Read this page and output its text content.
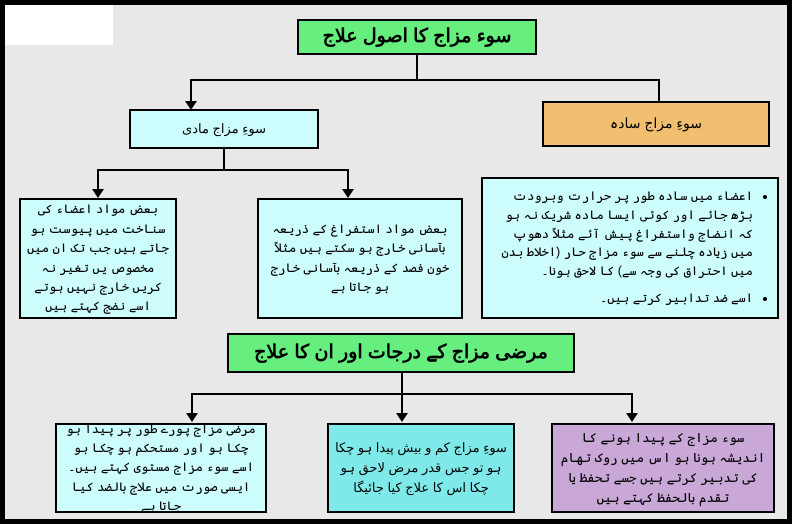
سوء مزاج کا اصول علاج
سوءِ مزاج مادی	سوءِ مزاج سادہ
بعض مواد اعضاء کی سناخت میں پیوست ہو جاتے ہیں جب تک ان میں مخصوص یں تغیر نہ کریں خارج نہیں ہوتے اسے نضج کہتے ہیں
بعض مواد استفراغ کے ذریعہ بآسانی خارج ہو سکتے ہیں مثلاً خون فصد کے ذریعہ بآسانی خارج ہو جاتا ہے
• اعضاء میں سادہ طور پر حرارت وبرودت بڑھ جائے اور کوئی ایسا مادہ شریک نہ ہو کہ انضاج واستفراغ پیش آئے مثلاً دھوپ میں زیادہ چلنے سے سوء مزاج حار (اخلاط بدن میں احتراق کی وجہ سے) کا لاحق ہونا۔
• اسے ضد تدابیر کرتے ہیں۔
مرضی مزاج کے درجات اور ان کا علاج
مرضی مزاج پورے طور پر پیدا ہو چکا ہو اور مستحکم ہو چکا ہو اسے سوء مزاج مستوی کہتے ہیں۔ ایسی صورت میں علاج بالضد کیا جاتا ہے
سوءِ مزاج کم و بیش پیدا ہو چکا ہو تو جس قدر مرض لاحق ہو چکا اس کا علاج کیا جائیگا
سوء مزاج کے پیدا ہونے کا اندیشہ ہونا ہو اس میں روک تھام کی تدبیر کرتے ہیں جسے تحفظ یا تقدم بالحفظ کہتے ہیں
